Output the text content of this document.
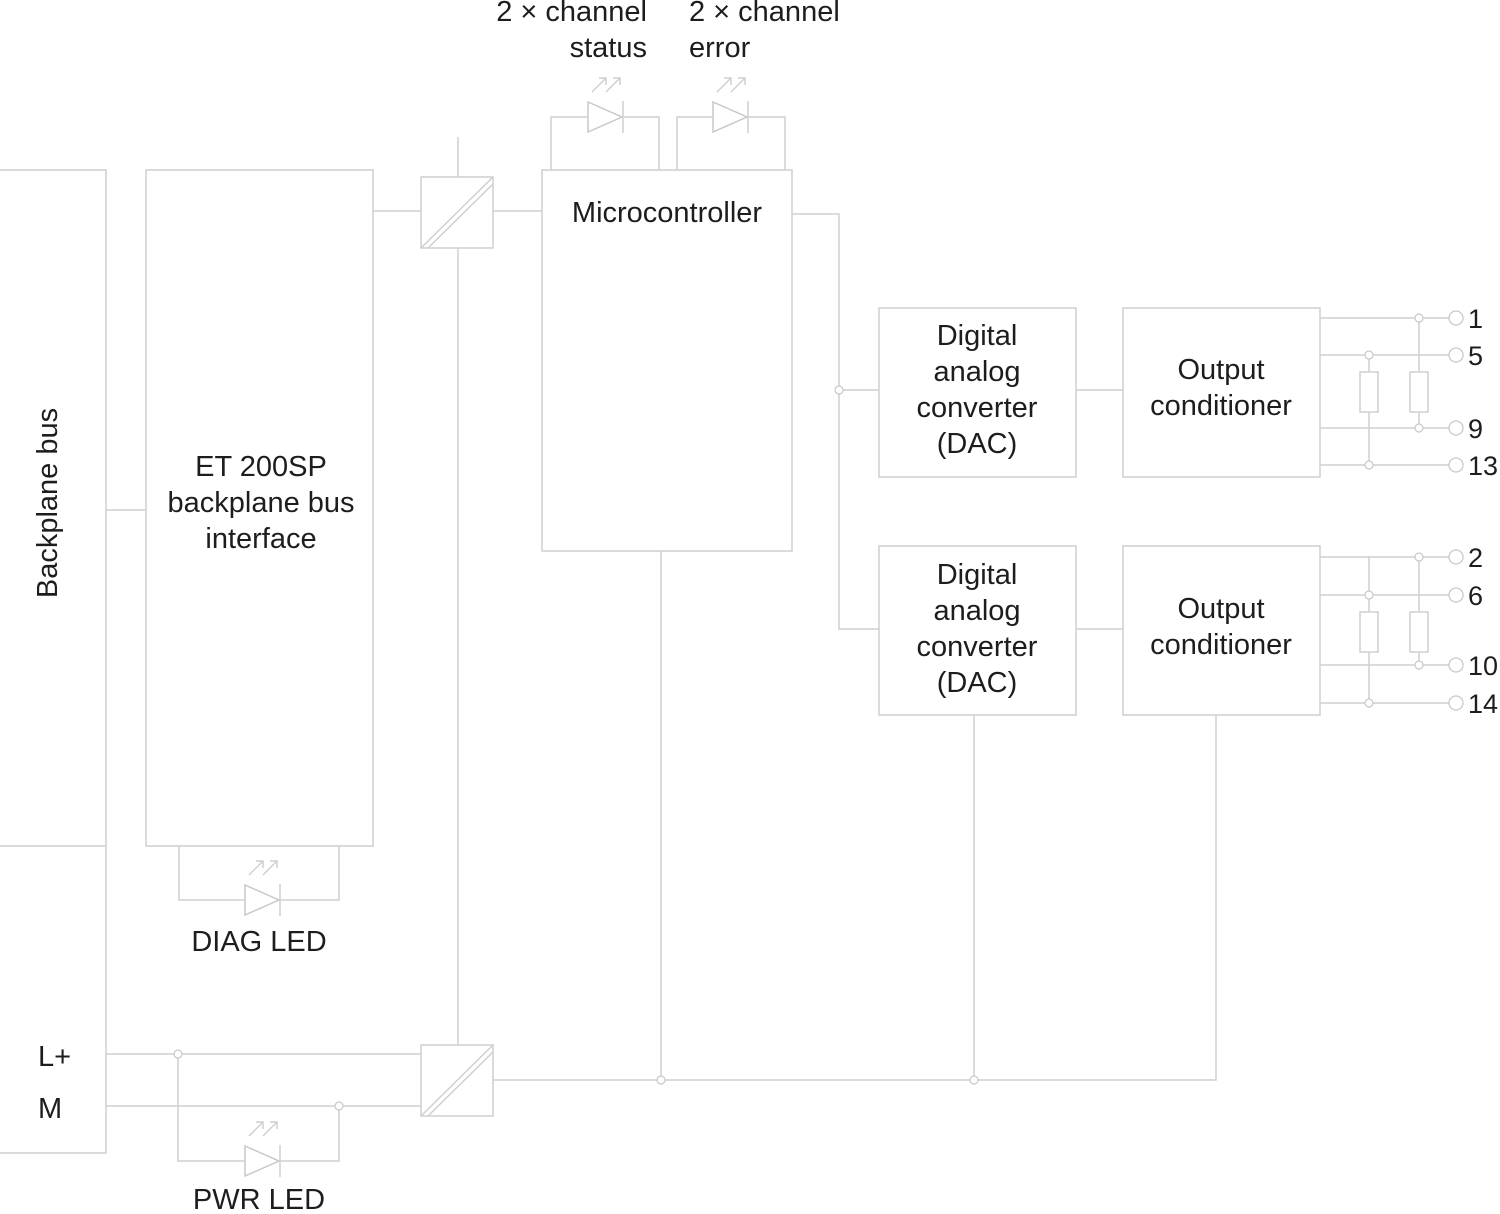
1
5
9
13
2
6
10
14
Backplane bus	ET 200SP
backplane bus
interface
Microcontroller
Digital
analog
converter
(DAC)
Digital
analog
converter
(DAC)
Output
conditioner
Output
conditioner
2 × channel
status
2 × channel
error
DIAG LED
PWR LED
L+
M
